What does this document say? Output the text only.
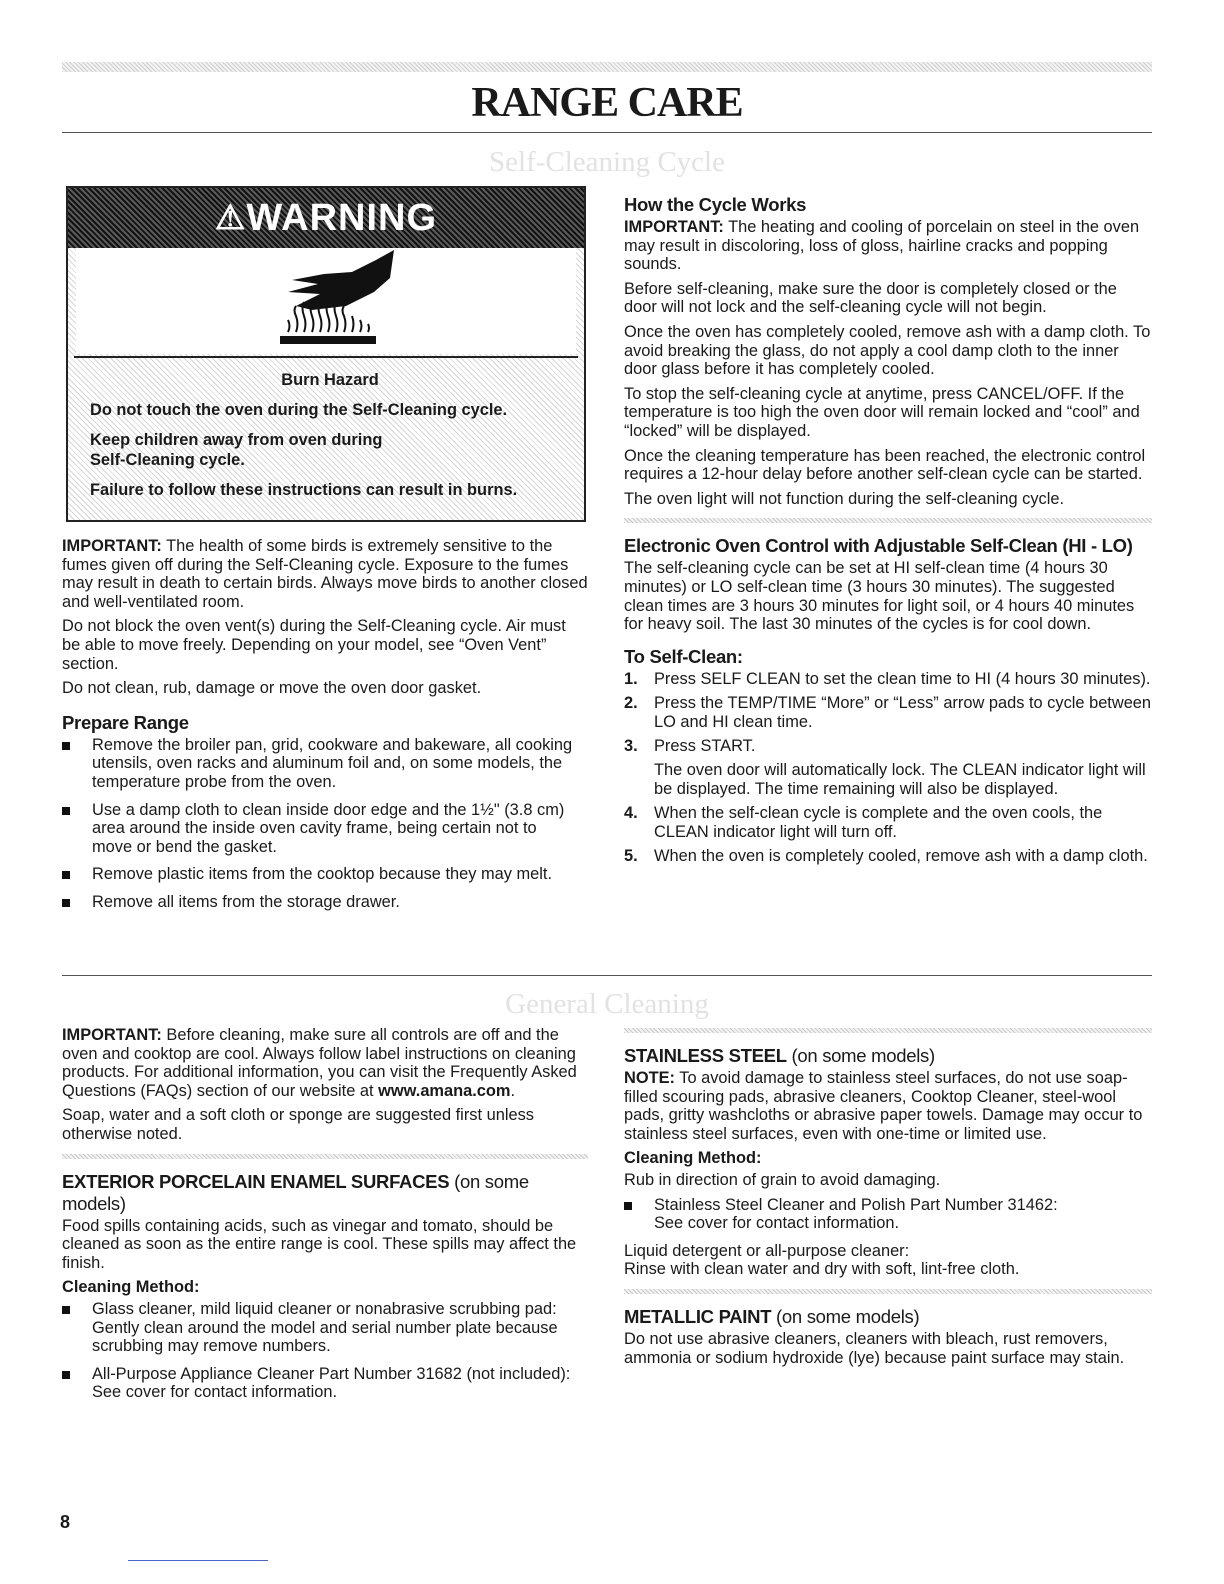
RANGE CARE
Self-Cleaning Cycle
⚠WARNING

Burn Hazard

Do not touch the oven during the Self-Cleaning cycle.

Keep children away from oven during Self-Cleaning cycle.

Failure to follow these instructions can result in burns.

IMPORTANT: The health of some birds is extremely sensitive to the fumes given off during the Self-Cleaning cycle. Exposure to the fumes may result in death to certain birds. Always move birds to another closed and well-ventilated room.

Do not block the oven vent(s) during the Self-Cleaning cycle. Air must be able to move freely. Depending on your model, see “Oven Vent” section.

Do not clean, rub, damage or move the oven door gasket.

Prepare Range
Remove the broiler pan, grid, cookware and bakeware, all cooking utensils, oven racks and aluminum foil and, on some models, the temperature probe from the oven.
Use a damp cloth to clean inside door edge and the 1½" (3.8 cm) area around the inside oven cavity frame, being certain not to move or bend the gasket.
Remove plastic items from the cooktop because they may melt.
Remove all items from the storage drawer.
How the Cycle Works

IMPORTANT: The heating and cooling of porcelain on steel in the oven may result in discoloring, loss of gloss, hairline cracks and popping sounds.

Before self-cleaning, make sure the door is completely closed or the door will not lock and the self-cleaning cycle will not begin.

Once the oven has completely cooled, remove ash with a damp cloth. To avoid breaking the glass, do not apply a cool damp cloth to the inner door glass before it has completely cooled.

To stop the self-cleaning cycle at anytime, press CANCEL/OFF. If the temperature is too high the oven door will remain locked and “cool” and “locked” will be displayed.

Once the cleaning temperature has been reached, the electronic control requires a 12-hour delay before another self-clean cycle can be started.

The oven light will not function during the self-cleaning cycle.

Electronic Oven Control with Adjustable Self-Clean (HI - LO)

The self-cleaning cycle can be set at HI self-clean time (4 hours 30 minutes) or LO self-clean time (3 hours 30 minutes). The suggested clean times are 3 hours 30 minutes for light soil, or 4 hours 40 minutes for heavy soil. The last 30 minutes of the cycles is for cool down.

To Self-Clean:
1. Press SELF CLEAN to set the clean time to HI (4 hours 30 minutes).
2. Press the TEMP/TIME “More” or “Less” arrow pads to cycle between LO and HI clean time.
3. Press START.
The oven door will automatically lock. The CLEAN indicator light will be displayed. The time remaining will also be displayed.
4. When the self-clean cycle is complete and the oven cools, the CLEAN indicator light will turn off.
5. When the oven is completely cooled, remove ash with a damp cloth.
General Cleaning

IMPORTANT: Before cleaning, make sure all controls are off and the oven and cooktop are cool. Always follow label instructions on cleaning products. For additional information, you can visit the Frequently Asked Questions (FAQs) section of our website at www.amana.com.

Soap, water and a soft cloth or sponge are suggested first unless otherwise noted.

EXTERIOR PORCELAIN ENAMEL SURFACES (on some models)

Food spills containing acids, such as vinegar and tomato, should be cleaned as soon as the entire range is cool. These spills may affect the finish.

Cleaning Method:
Glass cleaner, mild liquid cleaner or nonabrasive scrubbing pad:
Gently clean around the model and serial number plate because scrubbing may remove numbers.
All-Purpose Appliance Cleaner Part Number 31682 (not included):
See cover for contact information.
STAINLESS STEEL (on some models)

NOTE: To avoid damage to stainless steel surfaces, do not use soap-filled scouring pads, abrasive cleaners, Cooktop Cleaner, steel-wool pads, gritty washcloths or abrasive paper towels. Damage may occur to stainless steel surfaces, even with one-time or limited use.

Cleaning Method:

Rub in direction of grain to avoid damaging.

Stainless Steel Cleaner and Polish Part Number 31462:
See cover for contact information.

Liquid detergent or all-purpose cleaner:
Rinse with clean water and dry with soft, lint-free cloth.

METALLIC PAINT (on some models)

Do not use abrasive cleaners, cleaners with bleach, rust removers, ammonia or sodium hydroxide (lye) because paint surface may stain.

8
